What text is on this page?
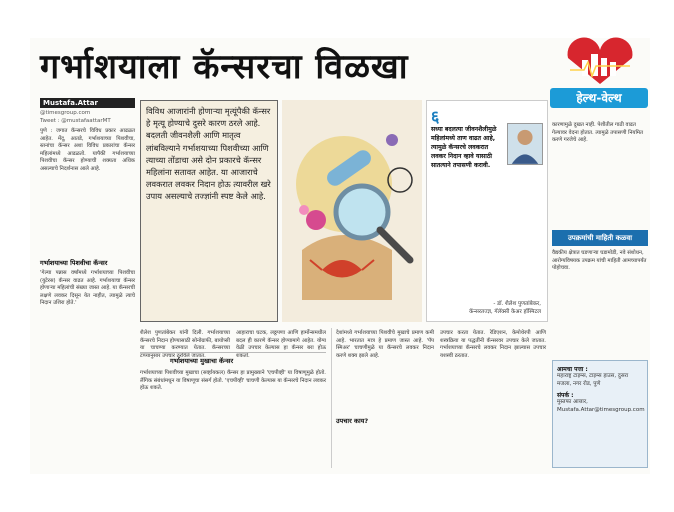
गर्भाशयाला कॅन्सरचा विळखा
हेल्थ-वेल्थ
Mustafa.Attar
@timesgroup.com
Tweet : @mustafaattarMT
पुणे : जगात कॅन्सरचे विविध प्रकार आढळत आहेत. मेंदू, आतडे, गर्भाशयाच्या पिशवीचा, स्तनांचा कॅन्सर अशा विविध प्रकारांचा कॅन्सर महिलांमध्ये आढळतो. यापैकी गर्भाशयाच्या पिशवीचा कॅन्सर होण्याची शक्यता अधिक असल्याचे निदर्शनास आले आहे.
गर्भाशयाच्या पिशवीचा कॅन्सर
'गेल्या पन्नास वर्षांमध्ये गर्भाशयाच्या पिशवीचा (युटेरस) कॅन्सर वाढत आहे. गर्भाशयाचा कॅन्सर होणाऱ्या महिलांची संख्या जास्त आहे. या कॅन्सरची लक्षणे लवकर दिसून येत नाहीत, त्यामुळे त्याचे निदान उशिरा होते.'
विविध आजारांनी होणाऱ्या मृत्यूंपैकी कॅन्सर हे मृत्यू होण्याचे दुसरे कारण ठरले आहे. बदलती जीवनशैली आणि मातृत्व लांबविल्याने गर्भाशयाच्या पिशवीच्या आणि त्याच्या तोंडाचा असे दोन प्रकारचे कॅन्सर महिलांना सतावत आहेत. या आजाराचे लवकरात लवकर निदान होऊ त्यावरील खरे उपाय असल्याचे तज्ज्ञांनी स्पष्ट केले आहे.
६
सध्या बदलत्या जीवनशैलीमुळे महिलांमध्ये ताण वाढत आहे, त्यामुळे कॅन्सरचे लवकरात लवकर निदान व्हावे यासाठी सातत्याने तपासणी करावी.
- डॉ. शैलेश पुणतांबेकर,
कॅन्सरतज्ज्ञ, गॅलॅक्सी केअर हॉस्पिटल
शैलेश पुणतांबेकर यांनी दिली. गर्भाशयाच्या कॅन्सरचे निदान होण्यासाठी सोनोग्राफी, बायोप्सी या चाचण्या करण्यात येतात. कॅन्सरच्या टप्प्यानुसार उपचार ठरविले जातात.
आहाराचा घटक, लठ्ठपणा आणि हार्मोन्समधील बदल ही कारणे कॅन्सर होण्यामागे आहेत. योग्य वेळी उपचार केल्यास हा कॅन्सर बरा होऊ शकतो.
गर्भाशयाच्या मुखाचा कॅन्सर
गर्भाशयाच्या पिशवीच्या मुखाचा (सर्व्हायकल) कॅन्सर हा प्रामुख्याने 'एचपीव्ही' या विषाणूमुळे होतो. लैंगिक संबंधांमधून या विषाणूचा संसर्ग होतो. 'एचपीव्ही' चाचणी केल्यास या कॅन्सरचे निदान लवकर होऊ शकते.
देशांमध्ये गर्भाशयाच्या पिशवीचे मुखाचे प्रमाण कमी आहे. भारतात मात्र हे प्रमाण जास्त आहे. 'पॅप स्मिअर' चाचणीमुळे या कॅन्सरचे लवकर निदान करणे शक्य झाले आहे.
उपचार काय?
उपचार करता येतात. रेडिएशन, केमोथेरपी आणि शस्त्रक्रिया या पद्धतींनी कॅन्सरवर उपचार केले जातात. गर्भाशयाच्या कॅन्सरचे लवकर निदान झाल्यास उपचार यशस्वी ठरतात.
कारणामुळे दुखत नाही. पेशीतील गाठी वाढत गेल्यावर वेदना होतात. त्यामुळे तपासणी नियमित करणे गरजेचे आहे.
उपक्रमांची माहिती कळवा
वैद्यकीय क्षेत्रात घडणाऱ्या घडामोडी, नवे संशोधन, आरोग्यविषयक उपक्रम यांची माहिती आमच्यापर्यंत पोहोचवा.
आमचा पत्ता :
महाराष्ट्र टाइम्स, टाइम्स हाउस, दुसरा मजला, नगर रोड, पुणे
संपर्क :
मुस्तफा आत्तार, Mustafa.Attar@timesgroup.com
